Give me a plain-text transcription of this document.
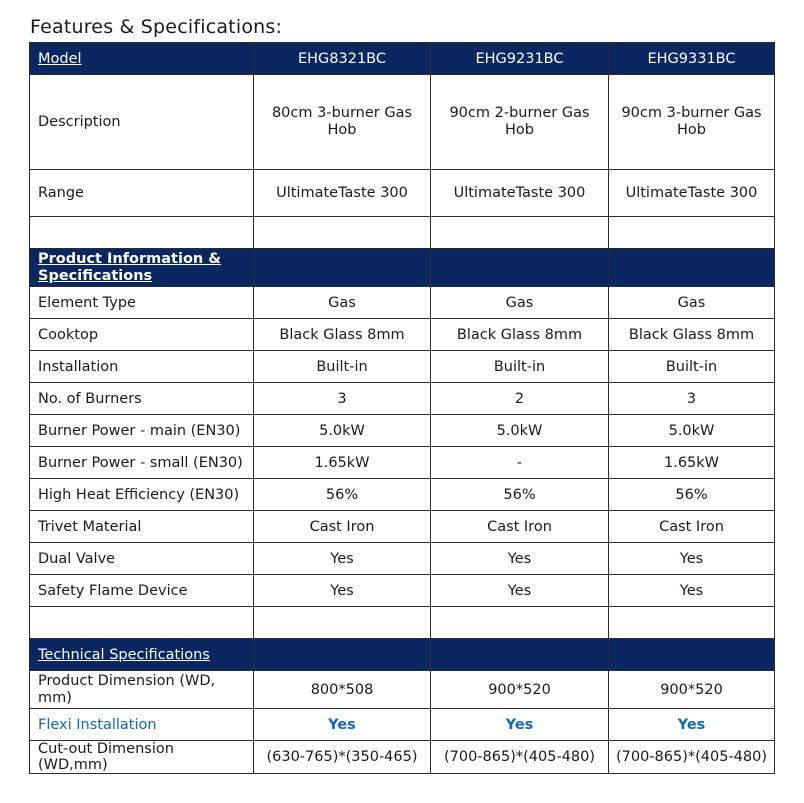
Features & Specifications:
Model	EHG8321BC	EHG9231BC	EHG9331BC
Description	80cm 3-burner Gas Hob	90cm 2-burner Gas Hob	90cm 3-burner Gas Hob
Range	UltimateTaste 300	UltimateTaste 300	UltimateTaste 300

Product Information & Specifications			
Element Type	Gas	Gas	Gas
Cooktop	Black Glass 8mm	Black Glass 8mm	Black Glass 8mm
Installation	Built-in	Built-in	Built-in
No. of Burners	3	2	3
Burner Power - main (EN30)	5.0kW	5.0kW	5.0kW
Burner Power - small (EN30)	1.65kW	-	1.65kW
High Heat Efficiency (EN30)	56%	56%	56%
Trivet Material	Cast Iron	Cast Iron	Cast Iron
Dual Valve	Yes	Yes	Yes
Safety Flame Device	Yes	Yes	Yes

Technical Specifications			
Product Dimension (WD, mm)	800*508	900*520	900*520
Flexi Installation	Yes	Yes	Yes
Cut-out Dimension (WD,mm)	(630-765)*(350-465)	(700-865)*(405-480)	(700-865)*(405-480)
